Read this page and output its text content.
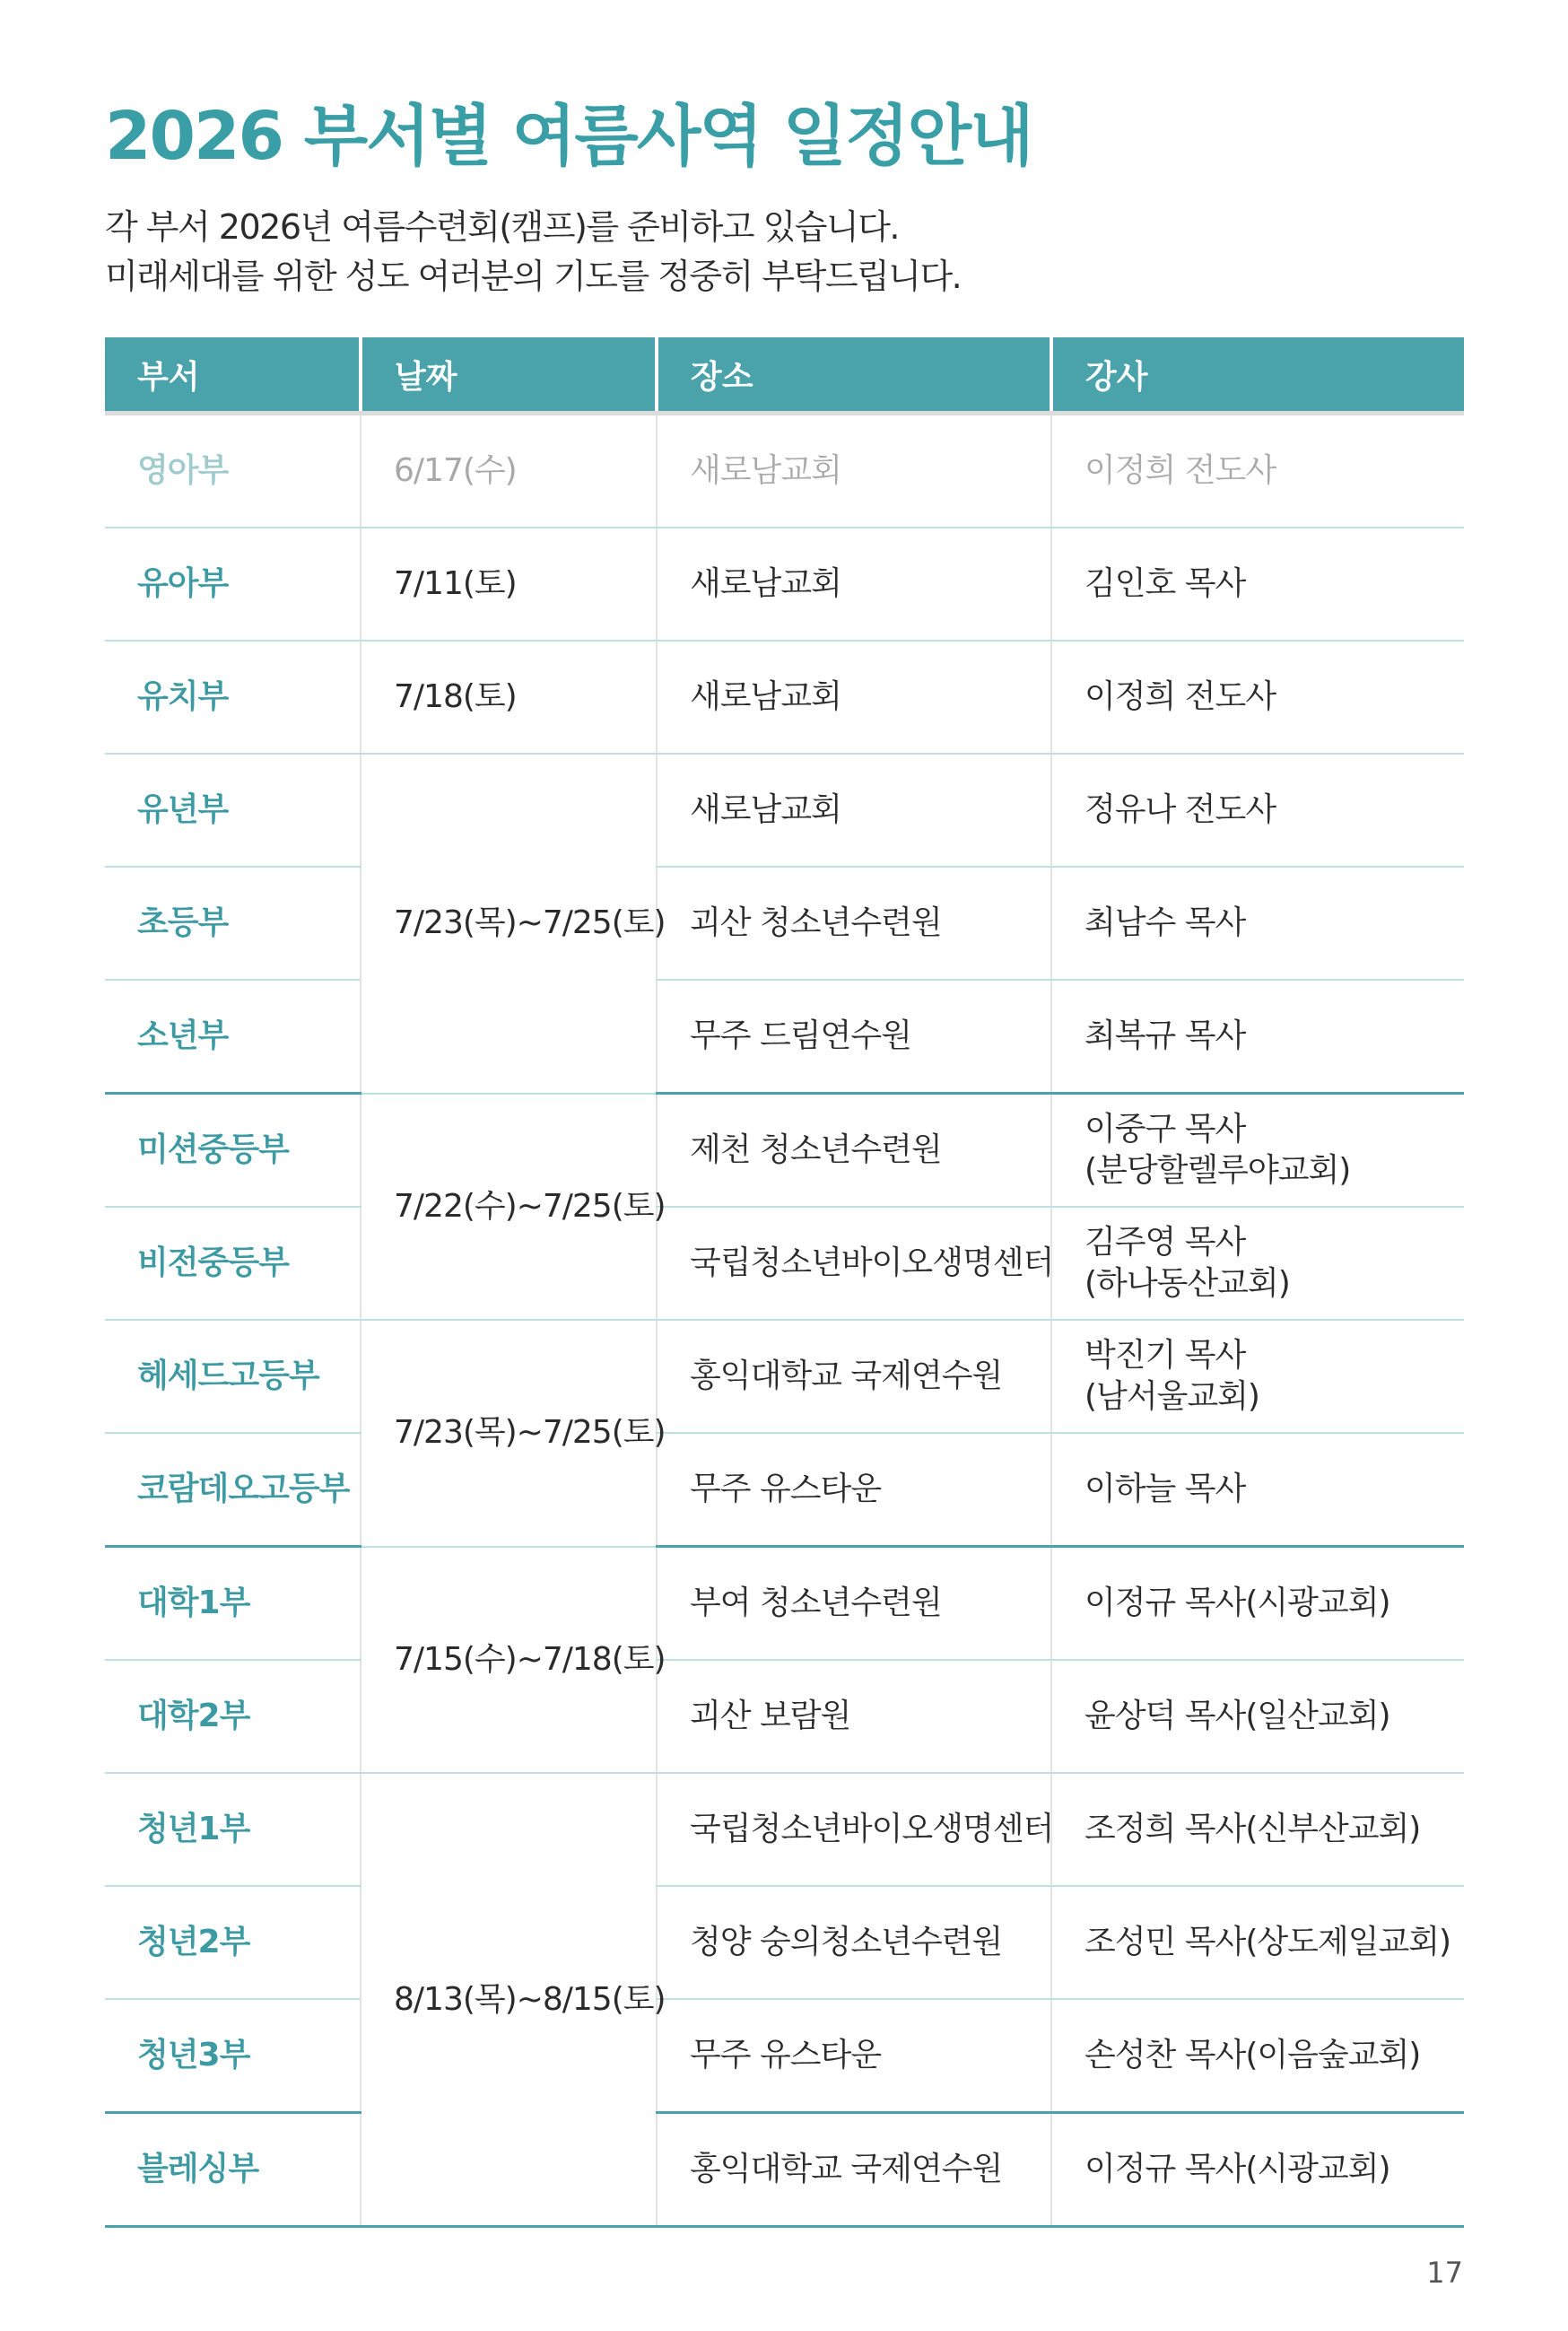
2026 부서별 여름사역 일정안내
각 부서 2026년 여름수련회(캠프)를 준비하고 있습니다.
미래세대를 위한 성도 여러분의 기도를 정중히 부탁드립니다.
부서	날짜	장소	강사
영아부	6/17(수)	새로남교회	이정희 전도사
유아부	7/11(토)	새로남교회	김인호 목사
유치부	7/18(토)	새로남교회	이정희 전도사
유년부	7/23(목)~7/25(토)	새로남교회	정유나 전도사
초등부		괴산 청소년수련원	최남수 목사
소년부		무주 드림연수원	최복규 목사
미션중등부	7/22(수)~7/25(토)	제천 청소년수련원	이중구 목사
(분당할렐루야교회)

비전중등부		국립청소년바이오생명센터	김주영 목사
(하나동산교회)

헤세드고등부	7/23(목)~7/25(토)	홍익대학교 국제연수원	박진기 목사
(남서울교회)

코람데오고등부		무주 유스타운	이하늘 목사
대학1부	7/15(수)~7/18(토)	부여 청소년수련원	이정규 목사(시광교회)
대학2부		괴산 보람원	윤상덕 목사(일산교회)
청년1부	8/13(목)~8/15(토)	국립청소년바이오생명센터	조정희 목사(신부산교회)
청년2부		청양 숭의청소년수련원	조성민 목사(상도제일교회)
청년3부		무주 유스타운	손성찬 목사(이음숲교회)
블레싱부		홍익대학교 국제연수원	이정규 목사(시광교회)
17
